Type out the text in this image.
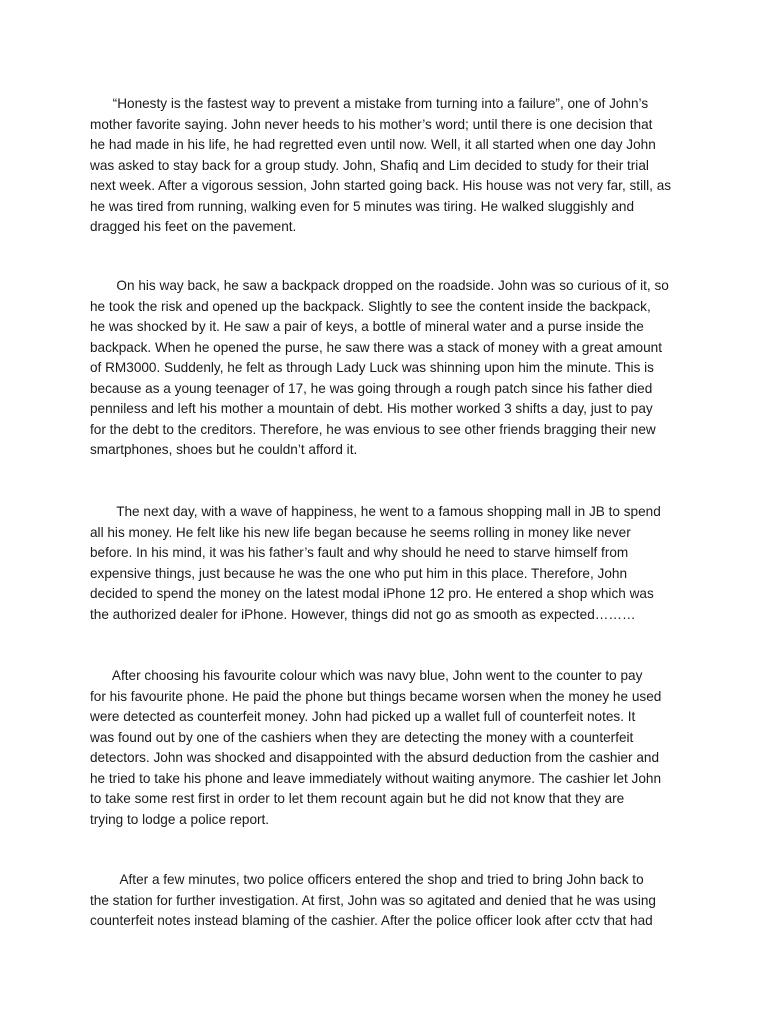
“Honesty is the fastest way to prevent a mistake from turning into a failure”, one of John’s
mother favorite saying. John never heeds to his mother’s word; until there is one decision that
he had made in his life, he had regretted even until now. Well, it all started when one day John
was asked to stay back for a group study. John, Shafiq and Lim decided to study for their trial
next week. After a vigorous session, John started going back. His house was not very far, still, as
he was tired from running, walking even for 5 minutes was tiring. He walked sluggishly and
dragged his feet on the pavement.
On his way back, he saw a backpack dropped on the roadside. John was so curious of it, so
he took the risk and opened up the backpack. Slightly to see the content inside the backpack,
he was shocked by it. He saw a pair of keys, a bottle of mineral water and a purse inside the
backpack. When he opened the purse, he saw there was a stack of money with a great amount
of RM3000. Suddenly, he felt as through Lady Luck was shinning upon him the minute. This is
because as a young teenager of 17, he was going through a rough patch since his father died
penniless and left his mother a mountain of debt. His mother worked 3 shifts a day, just to pay
for the debt to the creditors. Therefore, he was envious to see other friends bragging their new
smartphones, shoes but he couldn’t afford it.
The next day, with a wave of happiness, he went to a famous shopping mall in JB to spend
all his money. He felt like his new life began because he seems rolling in money like never
before. In his mind, it was his father’s fault and why should he need to starve himself from
expensive things, just because he was the one who put him in this place. Therefore, John
decided to spend the money on the latest modal iPhone 12 pro. He entered a shop which was
the authorized dealer for iPhone. However, things did not go as smooth as expected………
After choosing his favourite colour which was navy blue, John went to the counter to pay
for his favourite phone. He paid the phone but things became worsen when the money he used
were detected as counterfeit money. John had picked up a wallet full of counterfeit notes. It
was found out by one of the cashiers when they are detecting the money with a counterfeit
detectors. John was shocked and disappointed with the absurd deduction from the cashier and
he tried to take his phone and leave immediately without waiting anymore. The cashier let John
to take some rest first in order to let them recount again but he did not know that they are
trying to lodge a police report.
After a few minutes, two police officers entered the shop and tried to bring John back to
the station for further investigation. At first, John was so agitated and denied that he was using
counterfeit notes instead blaming of the cashier. After the police officer look after cctv that had
